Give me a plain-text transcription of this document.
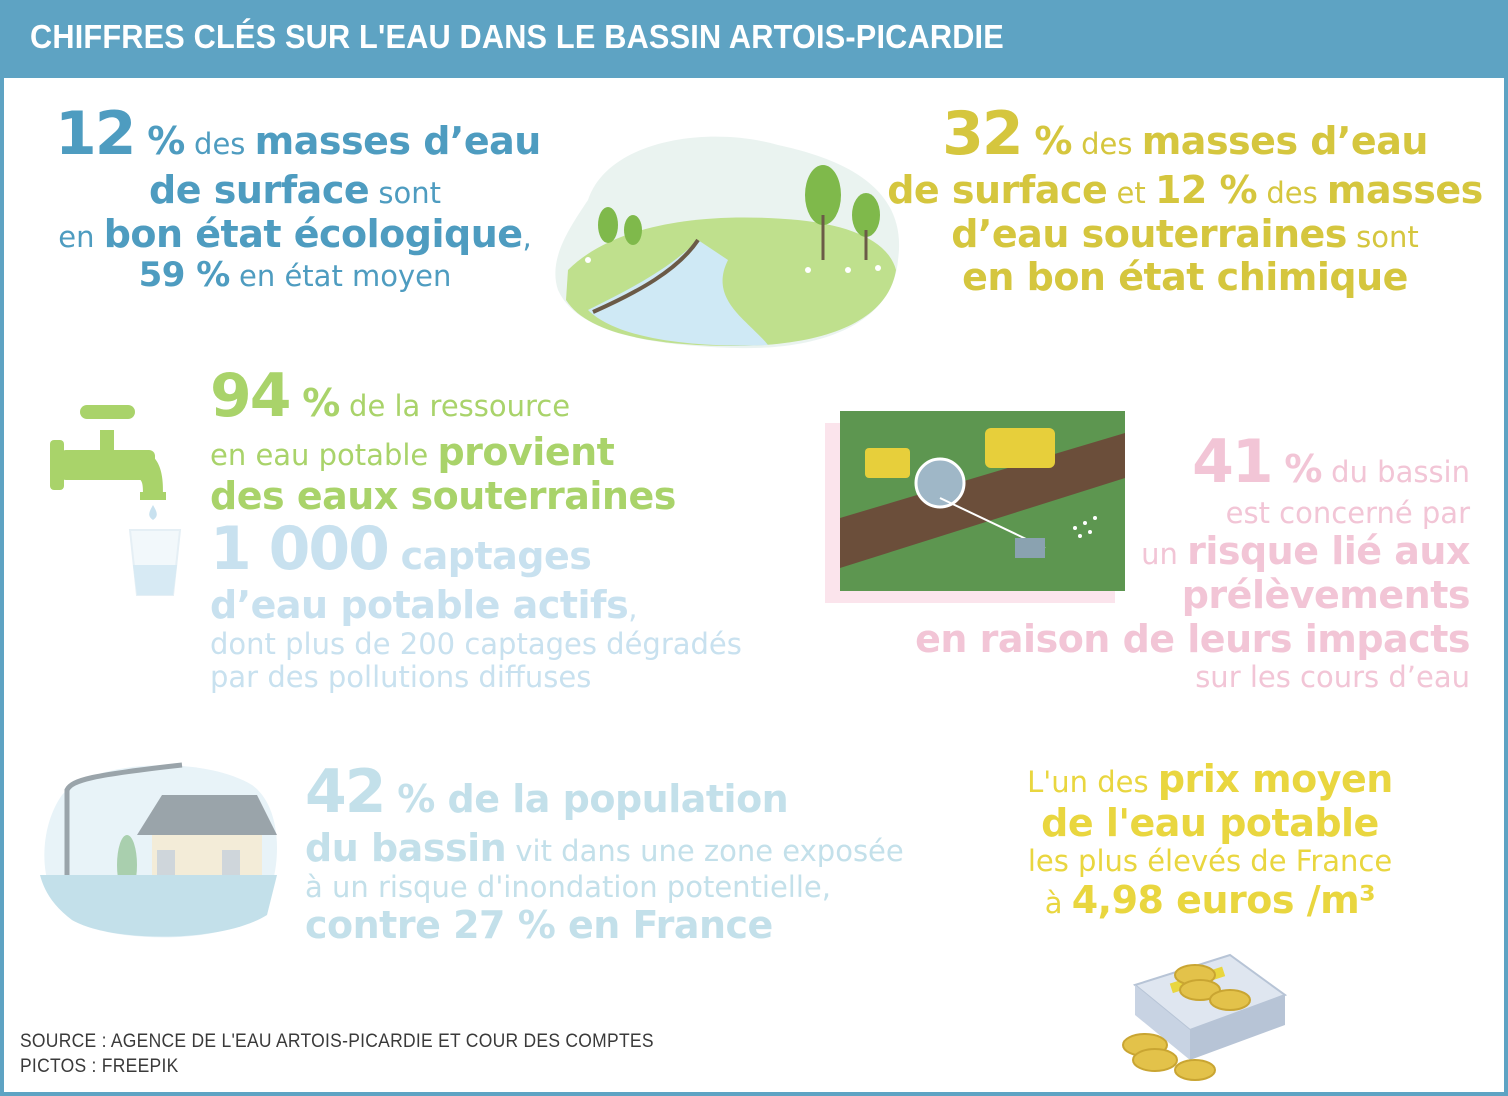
CHIFFRES CLÉS SUR L'EAU DANS LE BASSIN ARTOIS-PICARDIE
12 % des masses d’eau
de surface sont
en bon état écologique,
59 % en état moyen
32 % des masses d’eau
de surface et 12 % des masses
d’eau souterraines sont
en bon état chimique
94 % de la ressource
en eau potable provient
des eaux souterraines
1 000 captages
d’eau potable actifs,
dont plus de 200 captages dégradés
par des pollutions diffuses
41 % du bassin
est concerné par
un risque lié aux
prélèvements
en raison de leurs impacts
sur les cours d’eau
42 % de la population
du bassin vit dans une zone exposée
à un risque d'inondation potentielle,
contre 27 % en France
L'un des prix moyen
de l'eau potable
les plus élevés de France
à 4,98 euros /m³
SOURCE : AGENCE DE L'EAU ARTOIS-PICARDIE ET COUR DES COMPTES
PICTOS : FREEPIK
